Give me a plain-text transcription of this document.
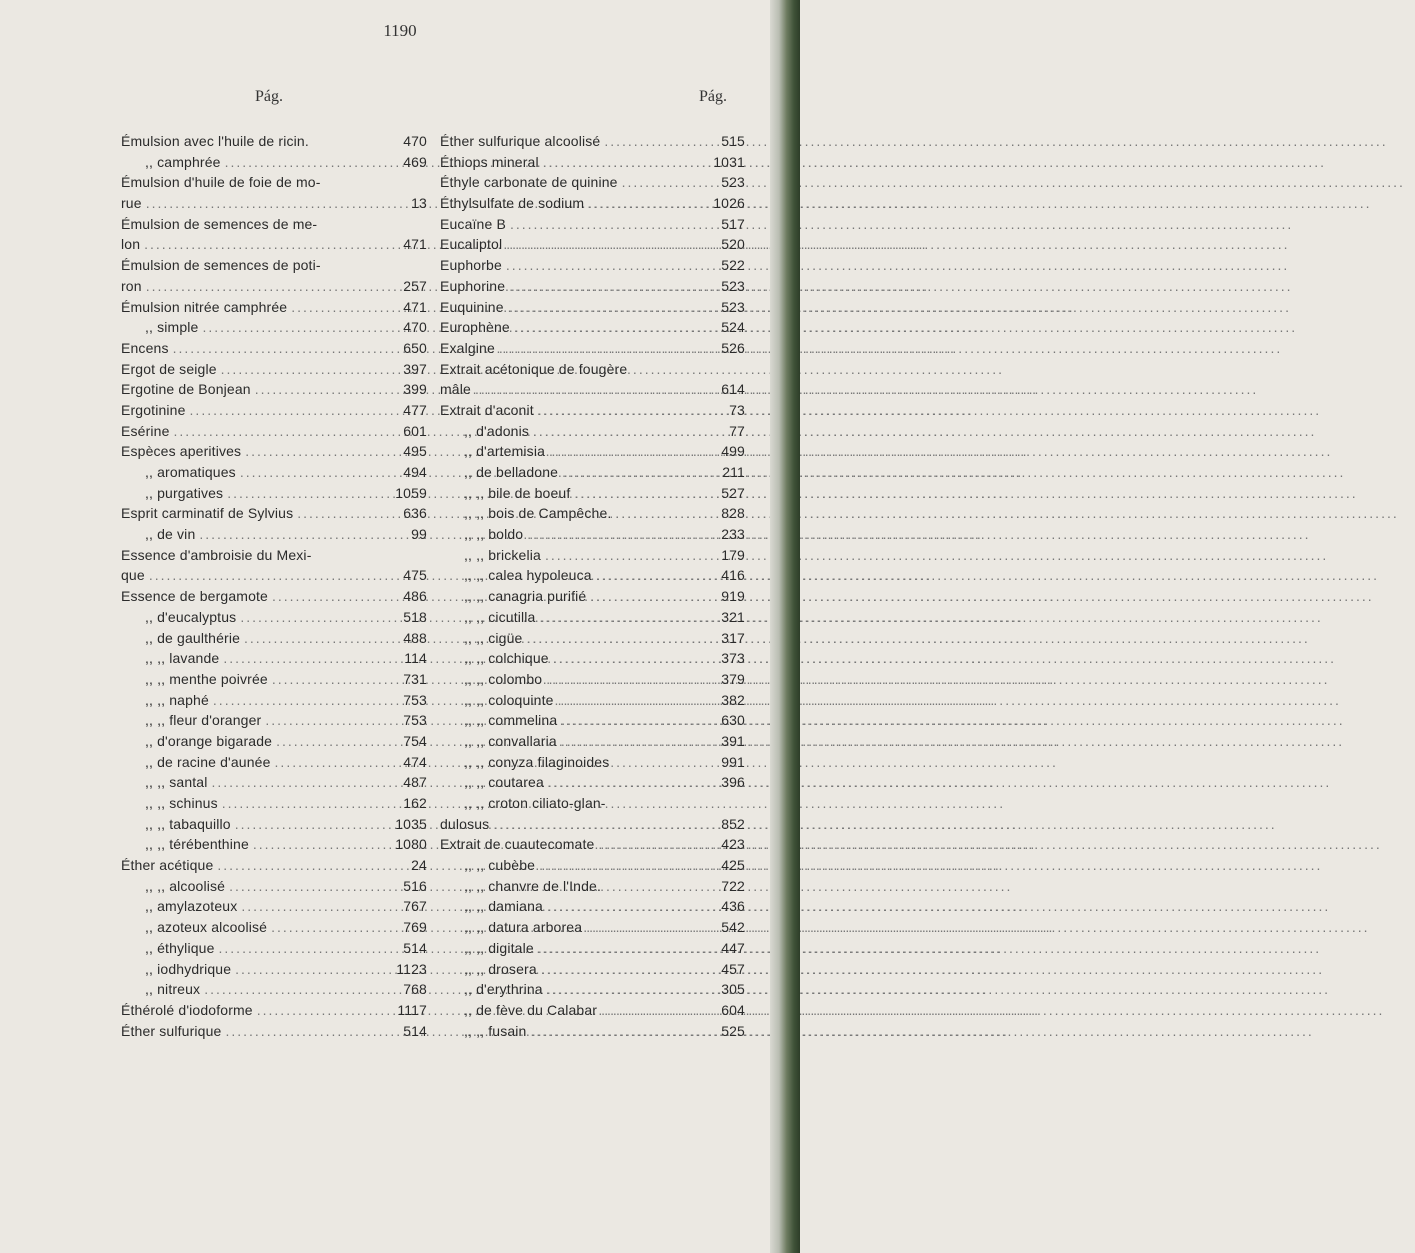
1190
Pág.	Pág.
Émulsion avec l'huile de ricin.	470
,, camphrée .....	469
Émulsion d'huile de foie de mo-
rue .....	13
Émulsion de semences de me-
lon .....	471
Émulsion de semences de poti-
ron .....	257
Émulsion nitrée camphrée .....	471
,, simple .....	470
Encens .....	650
Ergot de seigle .....	397
Ergotine de Bonjean .....	399
Ergotinine .....	477
Esérine .....	601
Espèces aperitives .....	495
,, aromatiques .....	494
,, purgatives .....	1059
Esprit carminatif de Sylvius .....	636
,, de vin .....	99
Essence d'ambroisie du Mexi-
que .....	475
Essence de bergamote .....	486
,, d'eucalyptus .....	518
,, de gaulthérie .....	488
,, ,, lavande .....	114
,, ,, menthe poivrée .....	731
,, ,, naphé .....	753
,, ,, fleur d'oranger .....	753
,, d'orange bigarade .....	754
,, de racine d'aunée .....	474
,, ,, santal .....	487
,, ,, schinus .....	162
,, ,, tabaquillo .....	1035
,, ,, térébenthine .....	1080
Éther acétique .....	24
,, ,, alcoolisé .....	516
,, amylazoteux .....	767
,, azoteux alcoolisé .....	769
,, éthylique .....	514
,, iodhydrique .....	1123
,, nitreux .....	768
Éthérolé d'iodoforme .....	1117
Éther sulfurique .....	514
Éther sulfurique alcoolisé .....	515
Éthiops mineral .....	1031
Éthyle carbonate de quinine .....	523
Éthylsulfate de sodium .....	1026
Eucaïne B .....	517
Eucaliptol .....	520
Euphorbe .....	522
Euphorine .....	523
Euquinine .....	523
Europhène .....	524
Exalgine .....	526
Extrait acétonique de fougère
mâle .....	614
Extrait d'aconit .....	73
,, d'adonis .....	77
,, d'artemisia .....	499
,, de belladone .....	211
,, ,, bile de boeuf .....	527
,, ,, bois de Campêche. .....	828
,, ,, boldo .....	233
,, ,, brickelia .....	179
,, ,, calea hypoleuca .....	416
,, ,, canagria purifié .....	919
,, ,, cicutilla .....	321
,, ,, cigüe .....	317
,, ,, colchique .....	373
,, ,, colombo .....	379
,, ,, coloquinte .....	382
,, ,, commelina .....	630
,, ,, convallaria .....	391
,, ,, conyza filaginoides	991
,, ,, coutarea .....	396
,, ,, croton ciliato-glan-
dulosus .....	852
Extrait de cuautecomate .....	423
,, ,, cubèbe .....	425
,, ,, chanvre de l'Inde.	722
,, ,, damiana .....	436
,, ,, datura arborea .....	542
,, ,, digitale .....	447
,, ,, drosera .....	457
,, d'erythrina .....	305
,, de fève du Calabar .....	604
,, ,, fusain .....	525
